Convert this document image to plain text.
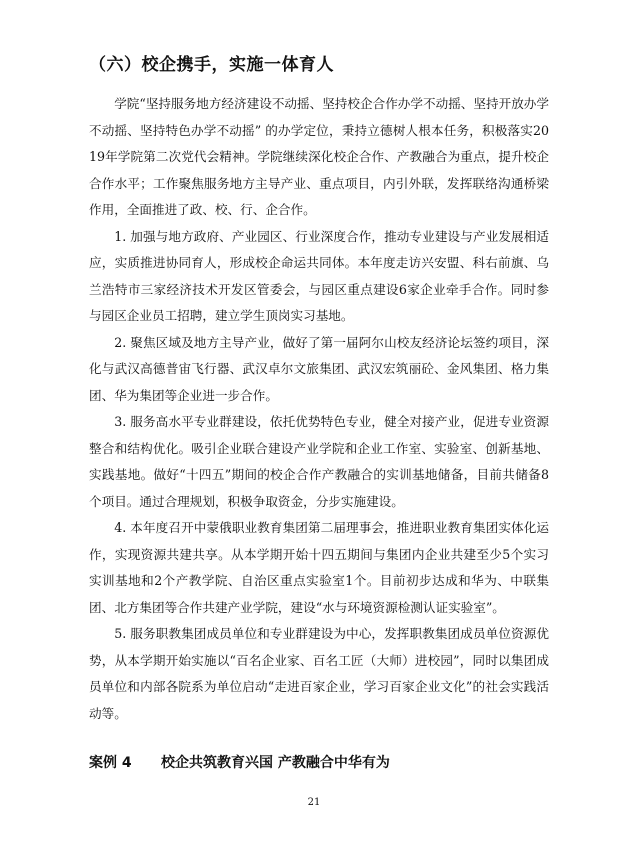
（六）校企携手，实施一体育人

学院“坚持服务地方经济建设不动摇、坚持校企合作办学不动摇、坚持开放办学不动摇、坚持特色办学不动摇” 的办学定位，秉持立德树人根本任务，积极落实2019年学院第二次党代会精神。学院继续深化校企合作、产教融合为重点，提升校企合作水平；工作聚焦服务地方主导产业、重点项目，内引外联，发挥联络沟通桥梁作用，全面推进了政、校、行、企合作。

1. 加强与地方政府、产业园区、行业深度合作，推动专业建设与产业发展相适应，实质推进协同育人，形成校企命运共同体。本年度走访兴安盟、科右前旗、乌兰浩特市三家经济技术开发区管委会，与园区重点建设6家企业牵手合作。同时参与园区企业员工招聘，建立学生顶岗实习基地。

2. 聚焦区域及地方主导产业，做好了第一届阿尔山校友经济论坛签约项目，深化与武汉高德普宙飞行器、武汉卓尔文旅集团、武汉宏筑丽砼、金风集团、格力集团、华为集团等企业进一步合作。

3. 服务高水平专业群建设，依托优势特色专业，健全对接产业，促进专业资源整合和结构优化。吸引企业联合建设产业学院和企业工作室、实验室、创新基地、实践基地。做好“十四五”期间的校企合作产教融合的实训基地储备，目前共储备8个项目。通过合理规划，积极争取资金，分步实施建设。

4. 本年度召开中蒙俄职业教育集团第二届理事会，推进职业教育集团实体化运作，实现资源共建共享。从本学期开始十四五期间与集团内企业共建至少5个实习实训基地和2个产教学院、自治区重点实验室1个。目前初步达成和华为、中联集团、北方集团等合作共建产业学院，建设“水与环境资源检测认证实验室”。

5. 服务职教集团成员单位和专业群建设为中心，发挥职教集团成员单位资源优势，从本学期开始实施以“百名企业家、百名工匠（大师）进校园”，同时以集团成员单位和内部各院系为单位启动“走进百家企业，学习百家企业文化”的社会实践活动等。

案例 4 校企共筑教育兴国 产教融合中华有为
21
